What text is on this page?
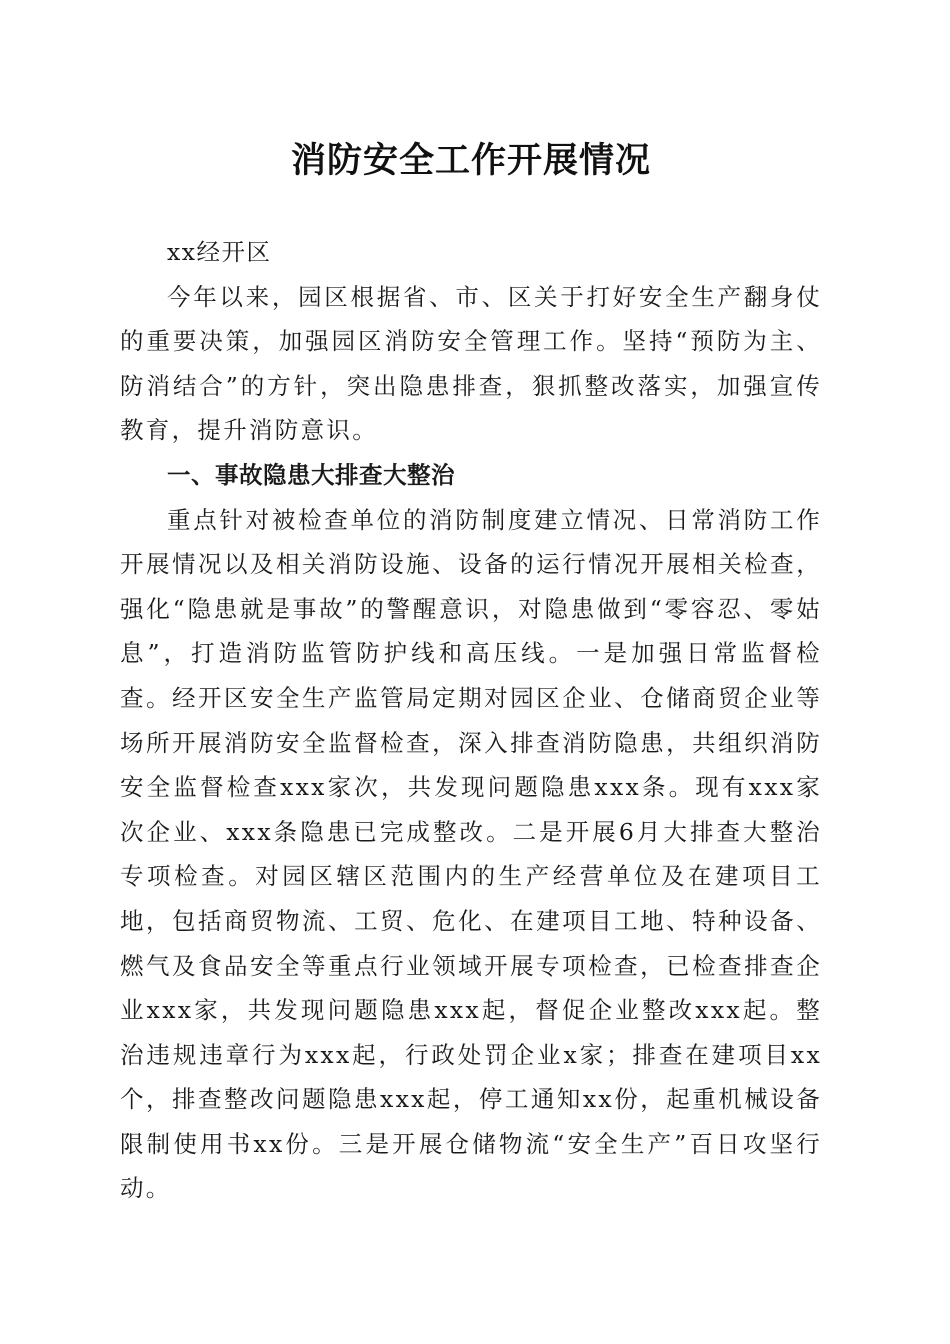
消防安全工作开展情况

xx经开区

今年以来，园区根据省、市、区关于打好安全生产翻身仗的重要决策，加强园区消防安全管理工作。坚持“预防为主、防消结合”的方针，突出隐患排查，狠抓整改落实，加强宣传教育，提升消防意识。

一、事故隐患大排查大整治

重点针对被检查单位的消防制度建立情况、日常消防工作开展情况以及相关消防设施、设备的运行情况开展相关检查，强化“隐患就是事故”的警醒意识，对隐患做到“零容忍、零姑息”，打造消防监管防护线和高压线。一是加强日常监督检查。经开区安全生产监管局定期对园区企业、仓储商贸企业等场所开展消防安全监督检查，深入排查消防隐患，共组织消防安全监督检查xxx家次，共发现问题隐患xxx条。现有xxx家次企业、xxx条隐患已完成整改。二是开展6月大排查大整治专项检查。对园区辖区范围内的生产经营单位及在建项目工地，包括商贸物流、工贸、危化、在建项目工地、特种设备、燃气及食品安全等重点行业领域开展专项检查，已检查排查企业xxx家，共发现问题隐患xxx起，督促企业整改xxx起。整治违规违章行为xxx起，行政处罚企业x家；排查在建项目xx个，排查整改问题隐患xxx起，停工通知xx份，起重机械设备限制使用书xx份。三是开展仓储物流“安全生产”百日攻坚行动。
